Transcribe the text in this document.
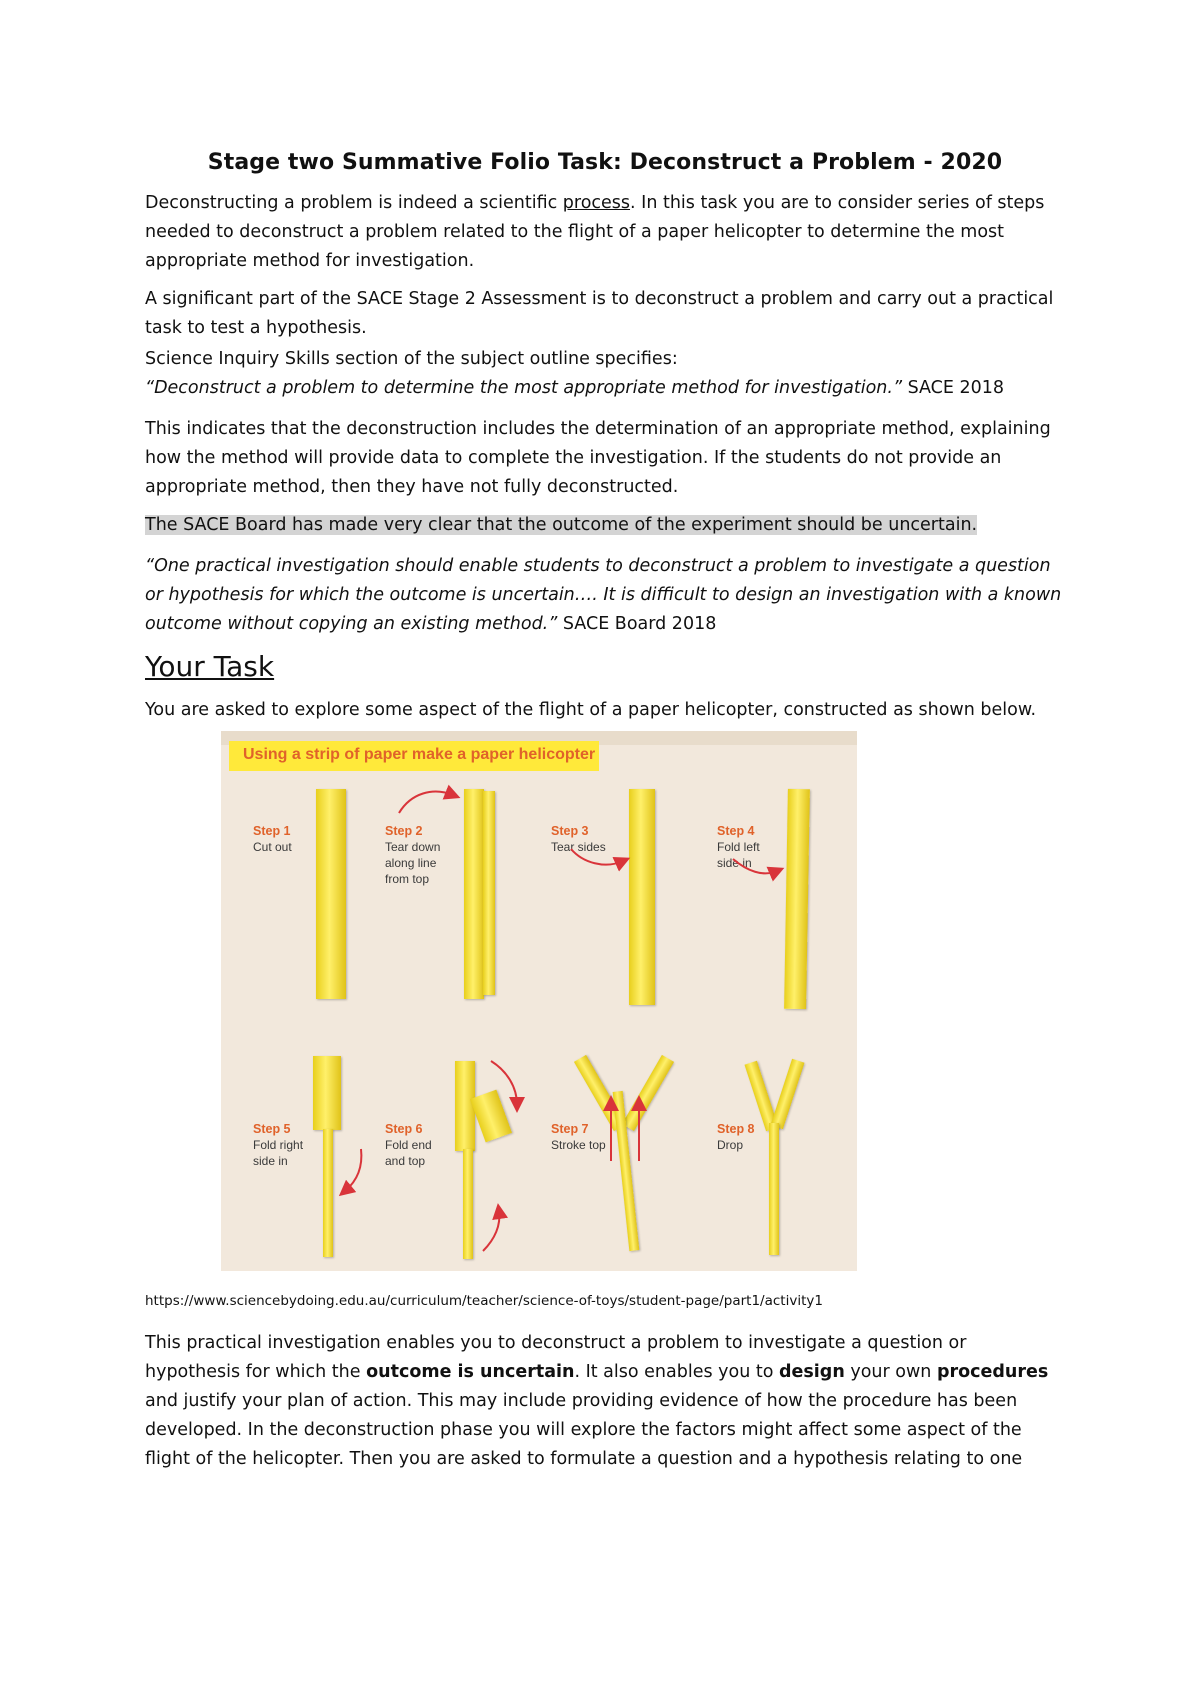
Stage two Summative Folio Task: Deconstruct a Problem - 2020

Deconstructing a problem is indeed a scientific process. In this task you are to consider series of steps needed to deconstruct a problem related to the flight of a paper helicopter to determine the most appropriate method for investigation.

A significant part of the SACE Stage 2 Assessment is to deconstruct a problem and carry out a practical task to test a hypothesis.

Science Inquiry Skills section of the subject outline specifies:

“Deconstruct a problem to determine the most appropriate method for investigation.” SACE 2018

This indicates that the deconstruction includes the determination of an appropriate method, explaining how the method will provide data to complete the investigation. If the students do not provide an appropriate method, then they have not fully deconstructed.

The SACE Board has made very clear that the outcome of the experiment should be uncertain.

“One practical investigation should enable students to deconstruct a problem to investigate a question or hypothesis for which the outcome is uncertain…. It is difficult to design an investigation with a known outcome without copying an existing method.” SACE Board 2018

Your Task

You are asked to explore some aspect of the flight of a paper helicopter, constructed as shown below.

Using a strip of paper make a paper helicopter
Step 1
Cut out
Step 2
Tear down along line from top
Step 3
Tear sides
Step 4
Fold left side in
Step 5
Fold right side in
Step 6
Fold end and top
Step 7
Stroke top
Step 8
Drop
https://www.sciencebydoing.edu.au/curriculum/teacher/science-of-toys/student-page/part1/activity1

This practical investigation enables you to deconstruct a problem to investigate a question or hypothesis for which the outcome is uncertain. It also enables you to design your own procedures and justify your plan of action. This may include providing evidence of how the procedure has been developed. In the deconstruction phase you will explore the factors might affect some aspect of the flight of the helicopter. Then you are asked to formulate a question and a hypothesis relating to one
